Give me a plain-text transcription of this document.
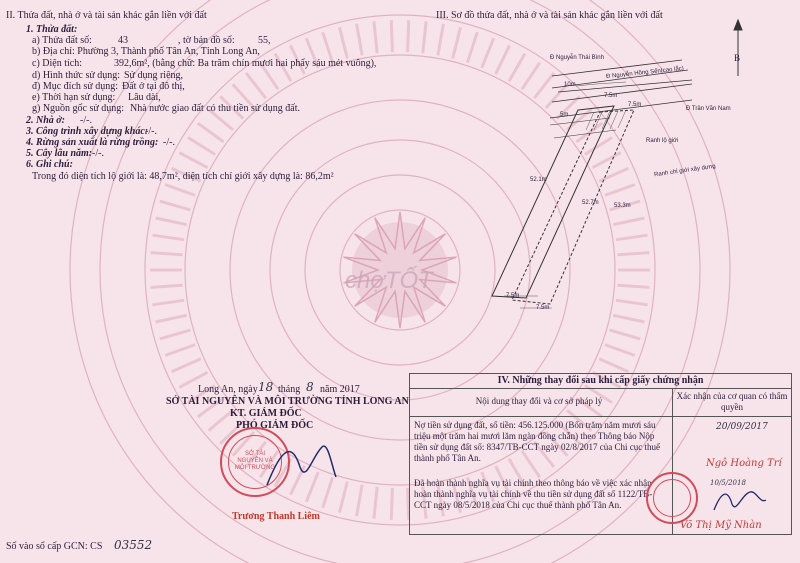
II. Thửa đất, nhà ở và tài sản khác gắn liền với đất
1. Thửa đất:
a) Thửa đất số:	43	, tờ bản đồ số: 55,
b) Địa chỉ: Phường 3, Thành phố Tân An, Tỉnh Long An,
c) Diện tích:	392,6m², (bằng chữ: Ba trăm chín mươi hai phẩy sáu mét vuông),
d) Hình thức sử dụng: Sử dụng riêng,
đ) Mục đích sử dụng: Đất ở tại đô thị,
e) Thời hạn sử dụng: Lâu dài,
g) Nguồn gốc sử dụng: Nhà nước giao đất có thu tiền sử dụng đất.
2. Nhà ở: -/-.
3. Công trình xây dựng khác:
-/-.
4. Rừng sản xuất là rừng trồng: -/-.
5. Cây lâu năm: -/-.
6. Ghi chú:
Trong đó diện tích lộ giới là: 48,7m², diện tích chỉ giới xây dựng là: 86,2m²
III. Sơ đồ thửa đất, nhà ở và tài sản khác gắn liền với đất
Đ Nguyễn Thái Bình
Đ Nguyễn Hồng Sến(cao lắc)
Đ Trần Văn Nam
10m
7.5m
7.5m
5m
52.1m
52.7m	53.3m
Ranh lộ giới
Ranh chỉ giới xây dựng
7.5m
7.5m
B
chợTỐT
Long An, ngày 18 tháng 8 năm 2017
SỞ TÀI NGUYÊN VÀ MÔI TRƯỜNG TỈNH LONG AN
KT. GIÁM ĐỐC
PHÓ GIÁM ĐỐC
SỞ TÀI NGUYÊN VÀ MÔI TRƯỜNG
Trương Thanh Liêm
Số vào sổ cấp GCN: CS 03552
IV. Những thay đổi sau khi cấp giấy chứng nhận
Nội dung thay đổi và cơ sở pháp lý	Xác nhận của cơ quan có thẩm quyền
Nợ tiền sử dụng đất, số tiền: 456.125.000 (Bốn trăm năm mươi sáu triệu một trăm hai mươi lăm ngàn đồng chẵn) theo Thông báo Nộp tiền sử dụng đất số: 8347/TB-CCT ngày 02/8/2017 của Chi cục thuế thành phố Tân An.
20/09/2017
Đã hoàn thành nghĩa vụ tài chính theo thông báo về việc xác nhận hoàn thành nghĩa vụ tài chính về thu tiền sử dụng đất số 1122/TB-CCT ngày 08/5/2018 của Chi cục thuế thành phố Tân An.
Ngô Hoàng Trí
10/5/2018
Võ Thị Mỹ Nhàn
